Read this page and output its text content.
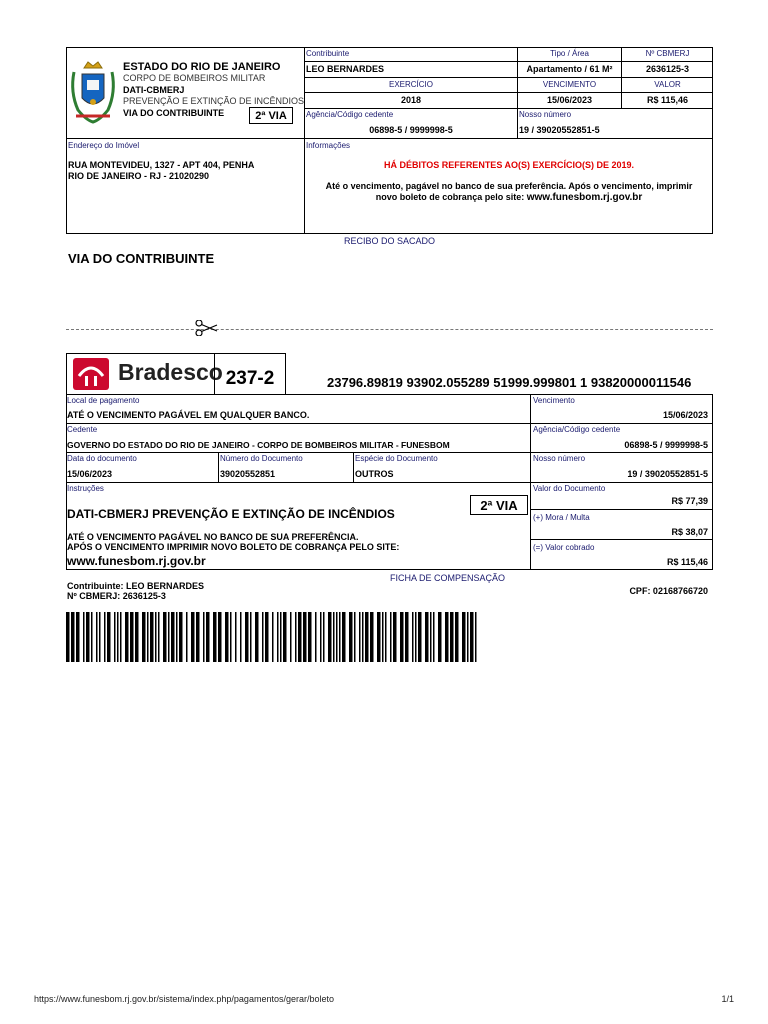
ESTADO DO RIO DE JANEIRO
CORPO DE BOMBEIROS MILITAR
DATI-CBMERJ
PREVENÇÃO E EXTINÇÃO DE INCÊNDIOS
VIA DO CONTRIBUINTE	2ª VIA
Contribuinte	Tipo / Área	Nº CBMERJ
LEO BERNARDES	Apartamento / 61 M²	2636125-3
EXERCÍCIO	VENCIMENTO	VALOR
2018	15/06/2023	R$ 115,46
Agência/Código cedente	Nosso número
06898-5 / 9999998-5	19 / 39020552851-5
Endereço do Imóvel
RUA MONTEVIDEU, 1327 - APT 404, PENHA
RIO DE JANEIRO - RJ - 21020290
Informações
HÁ DÉBITOS REFERENTES AO(S) EXERCÍCIO(S) DE 2019.
Até o vencimento, pagável no banco de sua preferência. Após o vencimento, imprimir
novo boleto de cobrança pelo site: www.funesbom.rj.gov.br
RECIBO DO SACADO
VIA DO CONTRIBUINTE
Bradesco 237-2	23796.89819 93902.055289 51999.999801 1 93820000011546
Local de pagamento
ATÉ O VENCIMENTO PAGÁVEL EM QUALQUER BANCO.
Vencimento
15/06/2023
Cedente
GOVERNO DO ESTADO DO RIO DE JANEIRO - CORPO DE BOMBEIROS MILITAR - FUNESBOM
Agência/Código cedente
06898-5 / 9999998-5
Data do documento
15/06/2023
Número do Documento
39020552851
Espécie do Documento
OUTROS
Nosso número
19 / 39020552851-5
Instruções
DATI-CBMERJ PREVENÇÃO E EXTINÇÃO DE INCÊNDIOS
2ª VIA
ATÉ O VENCIMENTO PAGÁVEL NO BANCO DE SUA PREFERÊNCIA.
APÓS O VENCIMENTO IMPRIMIR NOVO BOLETO DE COBRANÇA PELO SITE:
www.funesbom.rj.gov.br
Valor do Documento
R$ 77,39
(+) Mora / Multa
R$ 38,07
(=) Valor cobrado
R$ 115,46
FICHA DE COMPENSAÇÃO
Contribuinte: LEO BERNARDES
Nº CBMERJ: 2636125-3	CPF: 02168766720
https://www.funesbom.rj.gov.br/sistema/index.php/pagamentos/gerar/boleto	1/1
